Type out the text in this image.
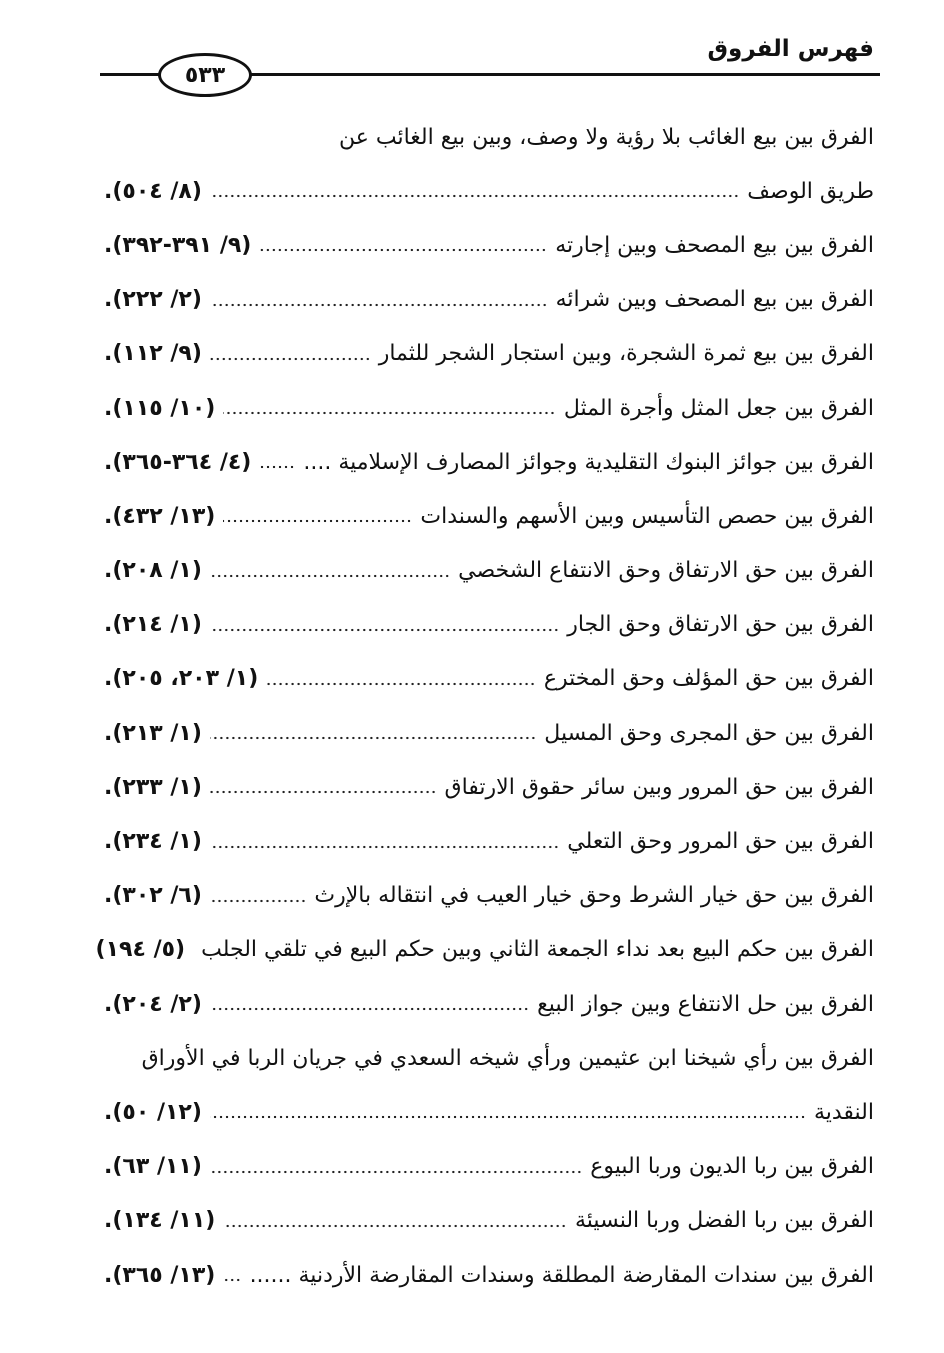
فهرس الفروق
٥٣٣
الفرق بين بيع الغائب بلا رؤية ولا وصف، وبين بيع الغائب عن
طريق الوصف
(٨/ ٥٠٤).
الفرق بين بيع المصحف وبين إجارته
(٩/ ٣٩١-٣٩٢).
الفرق بين بيع المصحف وبين شرائه
(٢/ ٢٢٢).
الفرق بين بيع ثمرة الشجرة، وبين استجار الشجر للثمار
(٩/ ١١٢).
الفرق بين جعل المثل وأجرة المثل
(١٠/ ١١٥).
الفرق بين جوائز البنوك التقليدية وجوائز المصارف الإسلامية ....
(٤/ ٣٦٤-٣٦٥).
الفرق بين حصص التأسيس وبين الأسهم والسندات
(١٣/ ٤٣٢).
الفرق بين حق الارتفاق وحق الانتفاع الشخصي
(١/ ٢٠٨).
الفرق بين حق الارتفاق وحق الجار
(١/ ٢١٤).
الفرق بين حق المؤلف وحق المخترع
(١/ ٢٠٣، ٢٠٥).
الفرق بين حق المجرى وحق المسيل
(١/ ٢١٣).
الفرق بين حق المرور وبين سائر حقوق الارتفاق
(١/ ٢٣٣).
الفرق بين حق المرور وحق التعلي
(١/ ٢٣٤).
الفرق بين حق خيار الشرط وحق خيار العيب في انتقاله بالإرث
(٦/ ٣٠٢).
الفرق بين حكم البيع بعد نداء الجمعة الثاني وبين حكم البيع في تلقي الجلب
(٥/ ١٩٤)
الفرق بين حل الانتفاع وبين جواز البيع
(٢/ ٢٠٤).
الفرق بين رأي شيخنا ابن عثيمين ورأي شيخه السعدي في جريان الربا في الأوراق
النقدية
(١٢/ ٥٠).
الفرق بين ربا الديون وربا البيوع
(١١/ ٦٣).
الفرق بين ربا الفضل وربا النسيئة
(١١/ ١٣٤).
الفرق بين سندات المقارضة المطلقة وسندات المقارضة الأردنية ......
(١٣/ ٣٦٥).
